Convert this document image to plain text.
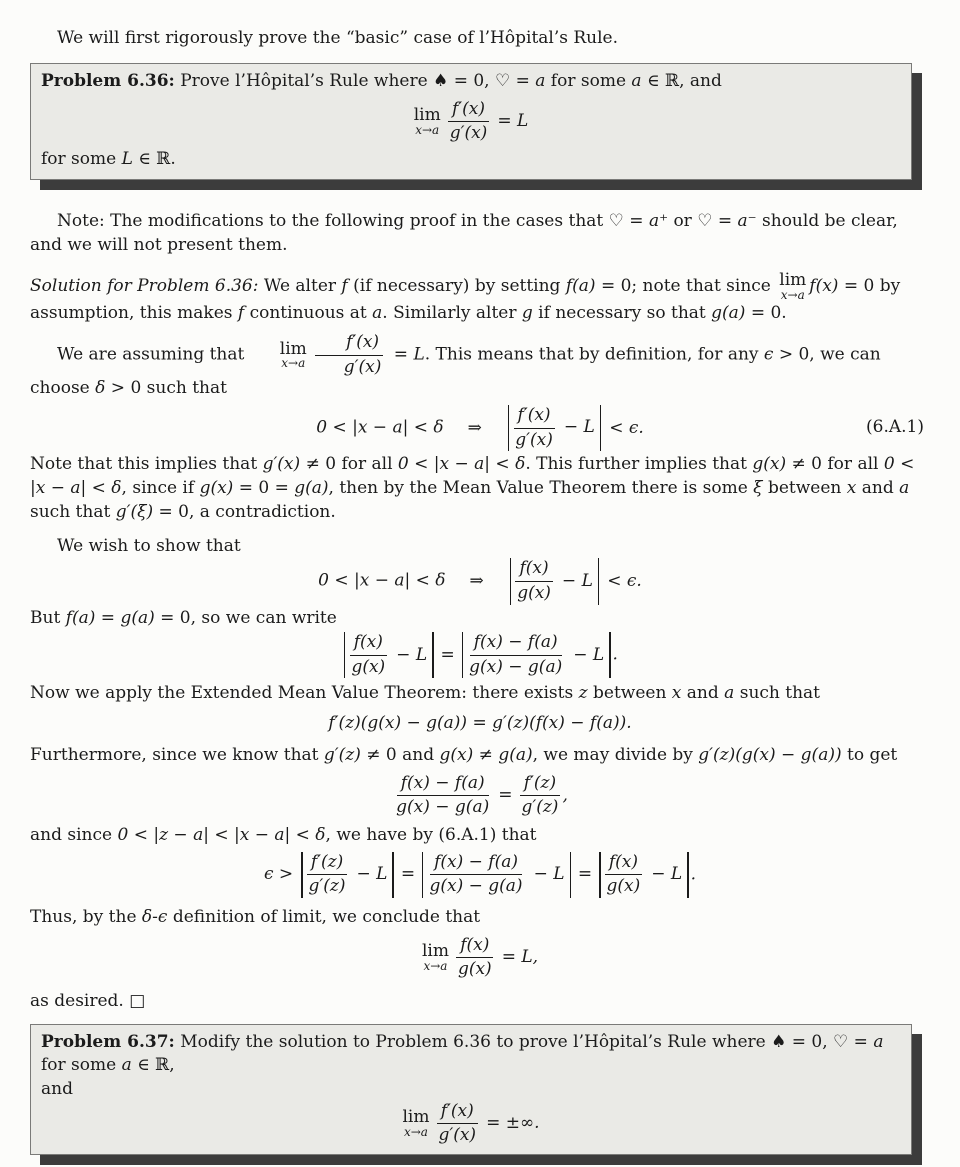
We will first rigorously prove the “basic” case of l’Hôpital’s Rule.

Problem 6.36: Prove l’Hôpital’s Rule where ♠ = 0, ♡ = a for some a ∈ ℝ, and

lim
$x\to a \frac{f'(x)}{g'(x)} = L$

for some L ∈ ℝ.

Note: The modifications to the following proof in the cases that ♡ = a⁺ or ♡ = a⁻ should be clear, and we will not present them.

Solution for Problem 6.36: We alter f (if necessary) by setting f(a) = 0; note that since lim
x→a f(x) = 0 by assumption, this makes f continuous at a. Similarly alter g if necessary so that g(a) = 0.

We are assuming that	lim
$x\to a \frac{f'(x)}{g'(x)} = L$. This means that by definition, for any ϵ > 0, we can choose δ > 0 such that

0 < |x − a| < δ ⇒ $\frac{f'(x)}{g'(x)} - L < \epsilon$.	(6.A.1)

Note that this implies that g′(x) ≠ 0 for all 0 < |x − a| < δ. This further implies that g(x) ≠ 0 for all 0 < |x − a| < δ, since if g(x) = 0 = g(a), then by the Mean Value Theorem there is some ξ between x and a such that g′(ξ) = 0, a contradiction.

We wish to show that

0 < |x − a| < δ ⇒ $\frac{f(x)}{g(x)} - L < \epsilon$.

But f(a) = g(a) = 0, so we can write

$\frac{f(x)}{g(x)} - L = \frac{f(x) - f(a)}{g(x) - g(a)} - L$ .

Now we apply the Extended Mean Value Theorem: there exists z between x and a such that

f′(z)(g(x) − g(a)) = g′(z)(f(x) − f(a)).

Furthermore, since we know that g′(z) ≠ 0 and g(x) ≠ g(a), we may divide by g′(z)(g(x) − g(a)) to get

$\frac{f(x) - f(a)}{g(x) - g(a)} = \frac{f'(z)}{g'(z)}$ ,

and since 0 < |z − a| < |x − a| < δ, we have by (6.A.1) that

$\epsilon > \frac{f'(z)}{g'(z)} - L = \frac{f(x) - f(a)}{g(x) - g(a)} - L = \frac{f(x)}{g(x)} - L$ .

Thus, by the δ-ϵ definition of limit, we conclude that

lim
$x\to a \frac{f(x)}{g(x)} = L$,

as desired. □

Problem 6.37: Modify the solution to Problem 6.36 to prove l’Hôpital’s Rule where ♠ = 0, ♡ = a for some a ∈ ℝ,

and

lim
$x\to a \frac{f'(x)}{g'(x)}$ = ±∞.
